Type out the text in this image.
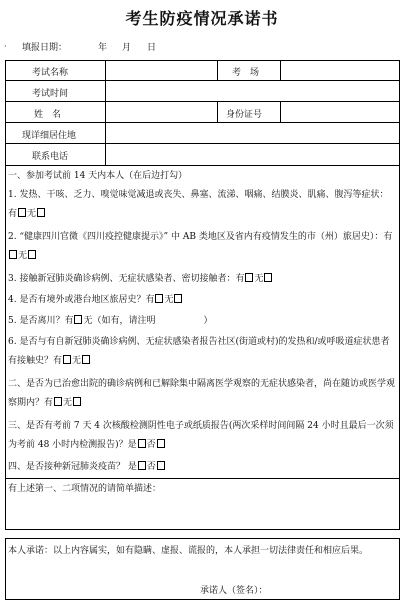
考生防疫情况承诺书
· 填报日期：	年 月 日
考试名称	考　场
考试时间
姓　名	身份证号
现详细居住地
联系电话
一、参加考试前 14 天内本人（在后边打勾）
1. 发热、干咳、乏力、嗅觉味觉减退或丧失、鼻塞、流涕、咽痛、结膜炎、肌痛、腹泻等症状：有 无
2. “健康四川官微《四川疫控健康提示》” 中 AB 类地区及省内有疫情发生的市（州）旅居史）：有无
3. 接触新冠肺炎确诊病例、无症状感染者、密切接触者：有 无
4. 是否有境外或港台地区旅居史？有 无
5. 是否离川？有 无（如有，请注明	）
6. 是否与有自新冠肺炎确诊病例、无症状感染者报告社区(街道或村)的发热和/或呼吸道症状患者有接触史？有 无
二、是否为已治愈出院的确诊病例和已解除集中隔离医学观察的无症状感染者，尚在随访或医学观察期内？有 无
三、是否有考前 7 天 4 次核酸检测阴性电子或纸质报告(两次采样时间间隔 24 小时且最后一次须为考前 48 小时内检测报告)？是 否
四、是否接种新冠肺炎疫苗？ 是 否
有上述第一、二项情况的请简单描述：
本人承诺：以上内容属实，如有隐瞒、虚报、谎报的，本人承担一切法律责任和相应后果。
承诺人（签名）：
